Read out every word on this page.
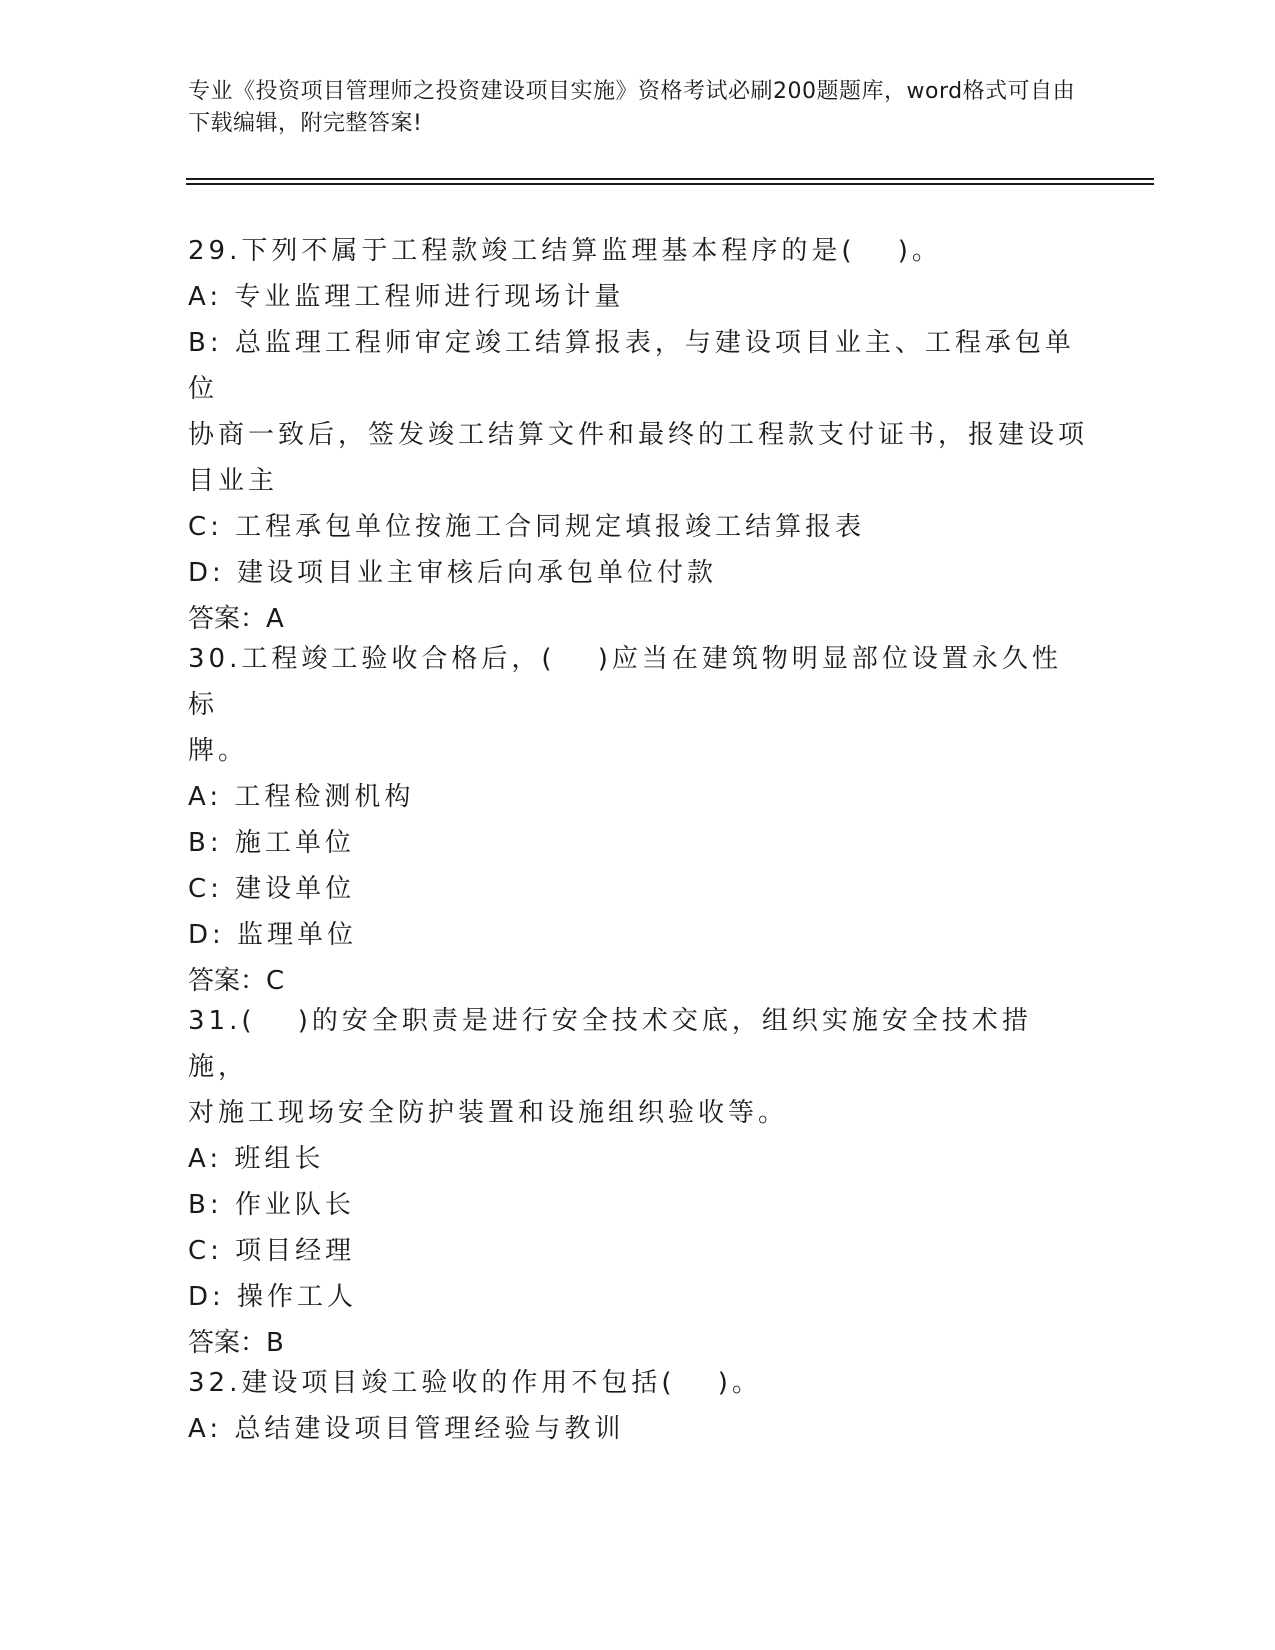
专业《投资项目管理师之投资建设项目实施》资格考试必刷200题题库，word格式可自由下载编辑，附完整答案!

29.下列不属于工程款竣工结算监理基本程序的是(　 )。

A: 专业监理工程师进行现场计量

B: 总监理工程师审定竣工结算报表，与建设项目业主、工程承包单位

协商一致后，签发竣工结算文件和最终的工程款支付证书，报建设项

目业主

C: 工程承包单位按施工合同规定填报竣工结算报表

D: 建设项目业主审核后向承包单位付款

答案：A

30.工程竣工验收合格后，(　 )应当在建筑物明显部位设置永久性标

牌。

A: 工程检测机构

B: 施工单位

C: 建设单位

D: 监理单位

答案：C

31.(　 )的安全职责是进行安全技术交底，组织实施安全技术措施，

对施工现场安全防护装置和设施组织验收等。

A: 班组长

B: 作业队长

C: 项目经理

D: 操作工人

答案：B

32.建设项目竣工验收的作用不包括(　 )。

A: 总结建设项目管理经验与教训
